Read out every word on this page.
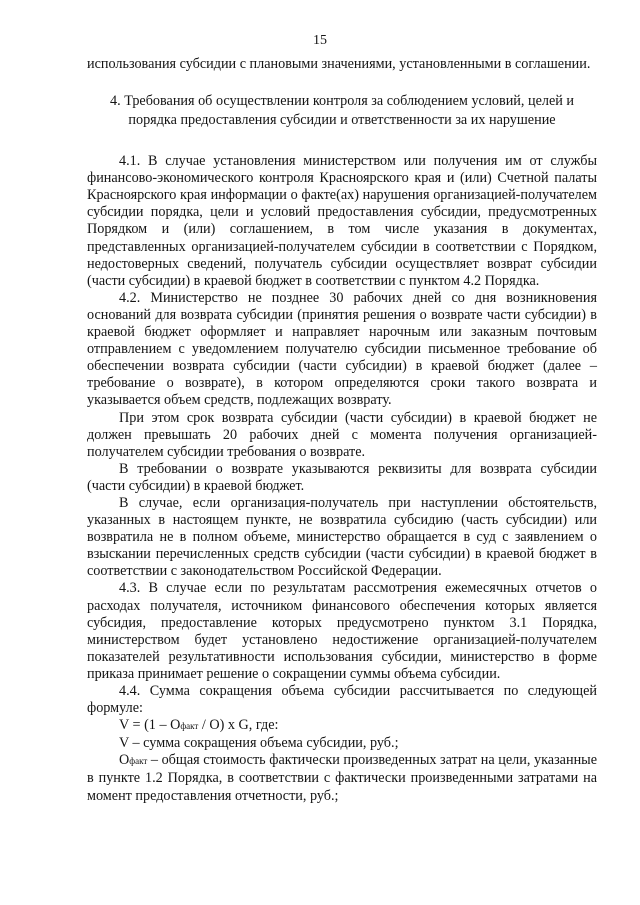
15

использования субсидии с плановыми значениями, установленными в соглашении.

4. Требования об осуществлении контроля за соблюдением условий, целей и порядка предоставления субсидии и ответственности за их нарушение

4.1. В случае установления министерством или получения им от службы финансово-экономического контроля Красноярского края и (или) Счетной палаты Красноярского края информации о факте(ах) нарушения организацией-получателем субсидии порядка, цели и условий предоставления субсидии, предусмотренных Порядком и (или) соглашением, в том числе указания в документах, представленных организацией-получателем субсидии в соответствии с Порядком, недостоверных сведений, получатель субсидии осуществляет возврат субсидии (части субсидии) в краевой бюджет в соответствии с пунктом 4.2 Порядка.

4.2. Министерство не позднее 30 рабочих дней со дня возникновения оснований для возврата субсидии (принятия решения о возврате части субсидии) в краевой бюджет оформляет и направляет нарочным или заказным почтовым отправлением с уведомлением получателю субсидии письменное требование об обеспечении возврата субсидии (части субсидии) в краевой бюджет (далее – требование о возврате), в котором определяются сроки такого возврата и указывается объем средств, подлежащих возврату.

При этом срок возврата субсидии (части субсидии) в краевой бюджет не должен превышать 20 рабочих дней с момента получения организацией-получателем субсидии требования о возврате.

В требовании о возврате указываются реквизиты для возврата субсидии (части субсидии) в краевой бюджет.

В случае, если организация-получатель при наступлении обстоятельств, указанных в настоящем пункте, не возвратила субсидию (часть субсидии) или возвратила не в полном объеме, министерство обращается в суд с заявлением о взыскании перечисленных средств субсидии (части субсидии) в краевой бюджет в соответствии с законодательством Российской Федерации.

4.3. В случае если по результатам рассмотрения ежемесячных отчетов о расходах получателя, источником финансового обеспечения которых является субсидия, предоставление которых предусмотрено пунктом 3.1 Порядка, министерством будет установлено недостижение организацией-получателем показателей результативности использования субсидии, министерство в форме приказа принимает решение о сокращении суммы объема субсидии.

4.4. Сумма сокращения объема субсидии рассчитывается по следующей формуле:

V = (1 – Oфакт / O) x G, где:

V – сумма сокращения объема субсидии, руб.;

Oфакт – общая стоимость фактически произведенных затрат на цели, указанные в пункте 1.2 Порядка, в соответствии с фактически произведенными затратами на момент предоставления отчетности, руб.;
